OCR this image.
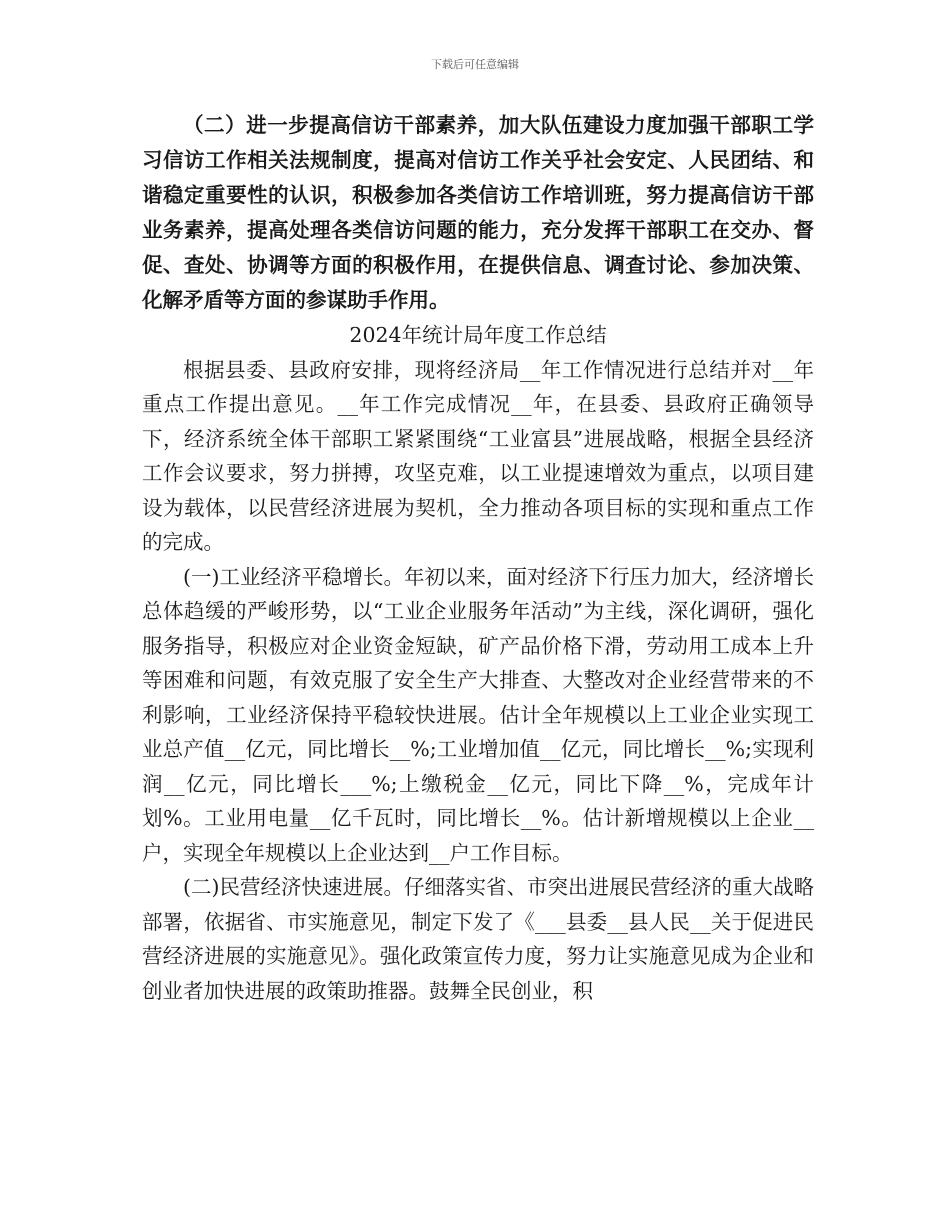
下载后可任意编辑

（二）进一步提高信访干部素养，加大队伍建设力度加强干部职工学习信访工作相关法规制度，提高对信访工作关乎社会安定、人民团结、和谐稳定重要性的认识，积极参加各类信访工作培训班，努力提高信访干部业务素养，提高处理各类信访问题的能力，充分发挥干部职工在交办、督促、查处、协调等方面的积极作用，在提供信息、调查讨论、参加决策、化解矛盾等方面的参谋助手作用。

2024年统计局年度工作总结

根据县委、县政府安排，现将经济局__年工作情况进行总结并对__年重点工作提出意见。__年工作完成情况__年，在县委、县政府正确领导下，经济系统全体干部职工紧紧围绕“工业富县”进展战略，根据全县经济工作会议要求，努力拼搏，攻坚克难，以工业提速增效为重点，以项目建设为载体，以民营经济进展为契机，全力推动各项目标的实现和重点工作的完成。

(一)工业经济平稳增长。年初以来，面对经济下行压力加大，经济增长总体趋缓的严峻形势，以“工业企业服务年活动”为主线，深化调研，强化服务指导，积极应对企业资金短缺，矿产品价格下滑，劳动用工成本上升等困难和问题，有效克服了安全生产大排查、大整改对企业经营带来的不利影响，工业经济保持平稳较快进展。估计全年规模以上工业企业实现工业总产值__亿元，同比增长__%;工业增加值__亿元，同比增长__%;实现利润__亿元，同比增长___%;上缴税金__亿元，同比下降__%，完成年计划%。工业用电量__亿千瓦时，同比增长__%。估计新增规模以上企业__户，实现全年规模以上企业达到__户工作目标。

(二)民营经济快速进展。仔细落实省、市突出进展民营经济的重大战略部署，依据省、市实施意见，制定下发了《___县委__县人民__关于促进民营经济进展的实施意见》。强化政策宣传力度，努力让实施意见成为企业和创业者加快进展的政策助推器。鼓舞全民创业，积
